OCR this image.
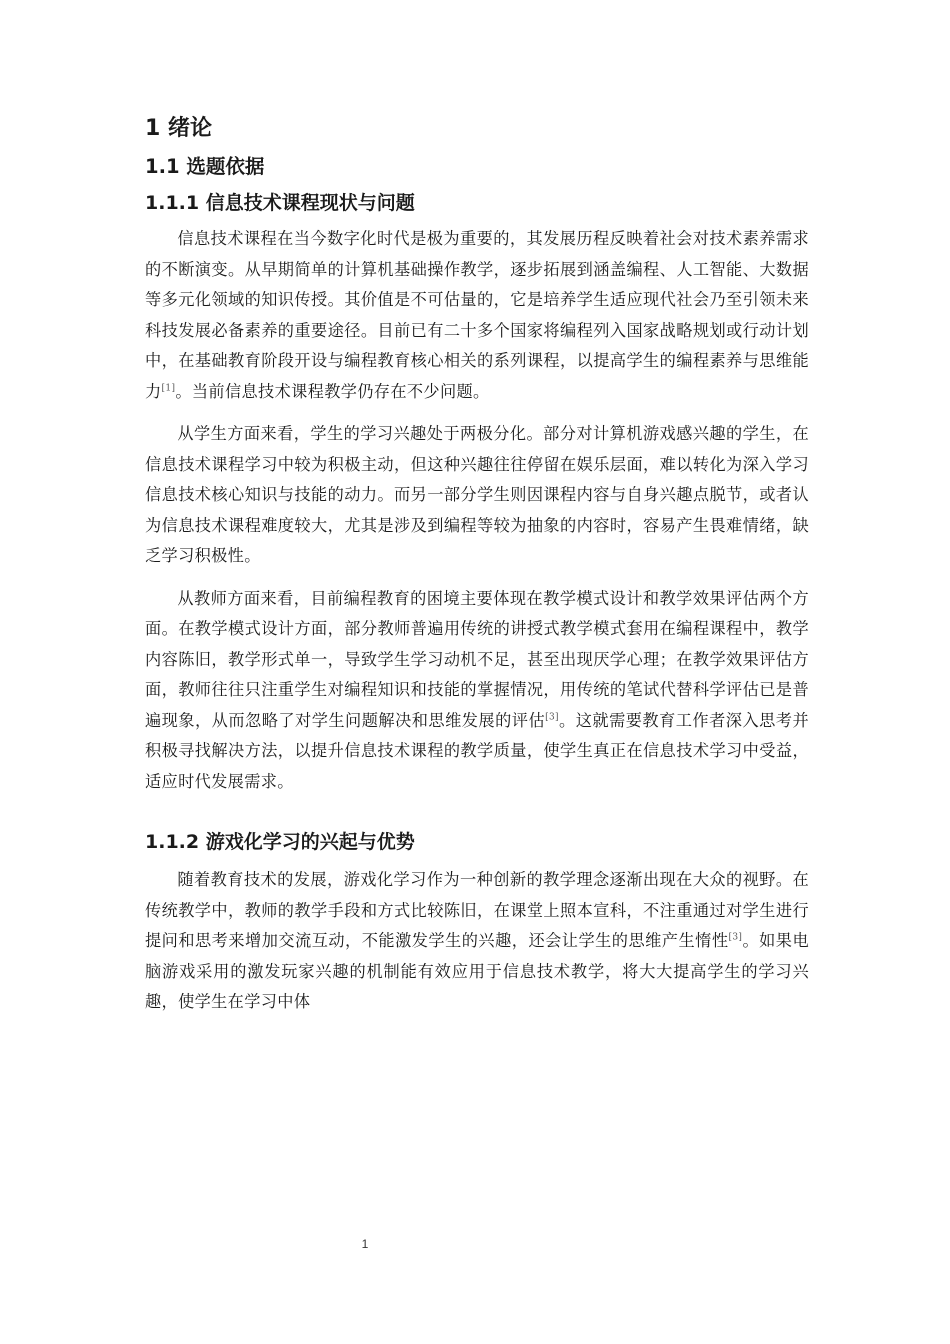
1 绪论
1.1 选题依据
1.1.1 信息技术课程现状与问题

信息技术课程在当今数字化时代是极为重要的，其发展历程反映着社会对技术素养需求的不断演变。从早期简单的计算机基础操作教学，逐步拓展到涵盖编程、人工智能、大数据等多元化领域的知识传授。其价值是不可估量的，它是培养学生适应现代社会乃至引领未来科技发展必备素养的重要途径。目前已有二十多个国家将编程列入国家战略规划或行动计划中，在基础教育阶段开设与编程教育核心相关的系列课程，以提高学生的编程素养与思维能力[1]。当前信息技术课程教学仍存在不少问题。

从学生方面来看，学生的学习兴趣处于两极分化。部分对计算机游戏感兴趣的学生，在信息技术课程学习中较为积极主动，但这种兴趣往往停留在娱乐层面，难以转化为深入学习信息技术核心知识与技能的动力。而另一部分学生则因课程内容与自身兴趣点脱节，或者认为信息技术课程难度较大，尤其是涉及到编程等较为抽象的内容时，容易产生畏难情绪，缺乏学习积极性。

从教师方面来看，目前编程教育的困境主要体现在教学模式设计和教学效果评估两个方面。在教学模式设计方面，部分教师普遍用传统的讲授式教学模式套用在编程课程中，教学内容陈旧，教学形式单一，导致学生学习动机不足，甚至出现厌学心理；在教学效果评估方面，教师往往只注重学生对编程知识和技能的掌握情况，用传统的笔试代替科学评估已是普遍现象，从而忽略了对学生问题解决和思维发展的评估[3]。这就需要教育工作者深入思考并积极寻找解决方法，以提升信息技术课程的教学质量，使学生真正在信息技术学习中受益，适应时代发展需求。

1.1.2 游戏化学习的兴起与优势

随着教育技术的发展，游戏化学习作为一种创新的教学理念逐渐出现在大众的视野。在传统教学中，教师的教学手段和方式比较陈旧，在课堂上照本宣科，不注重通过对学生进行提问和思考来增加交流互动，不能激发学生的兴趣，还会让学生的思维产生惰性[3]。如果电脑游戏采用的激发玩家兴趣的机制能有效应用于信息技术教学，将大大提高学生的学习兴趣，使学生在学习中体

1
